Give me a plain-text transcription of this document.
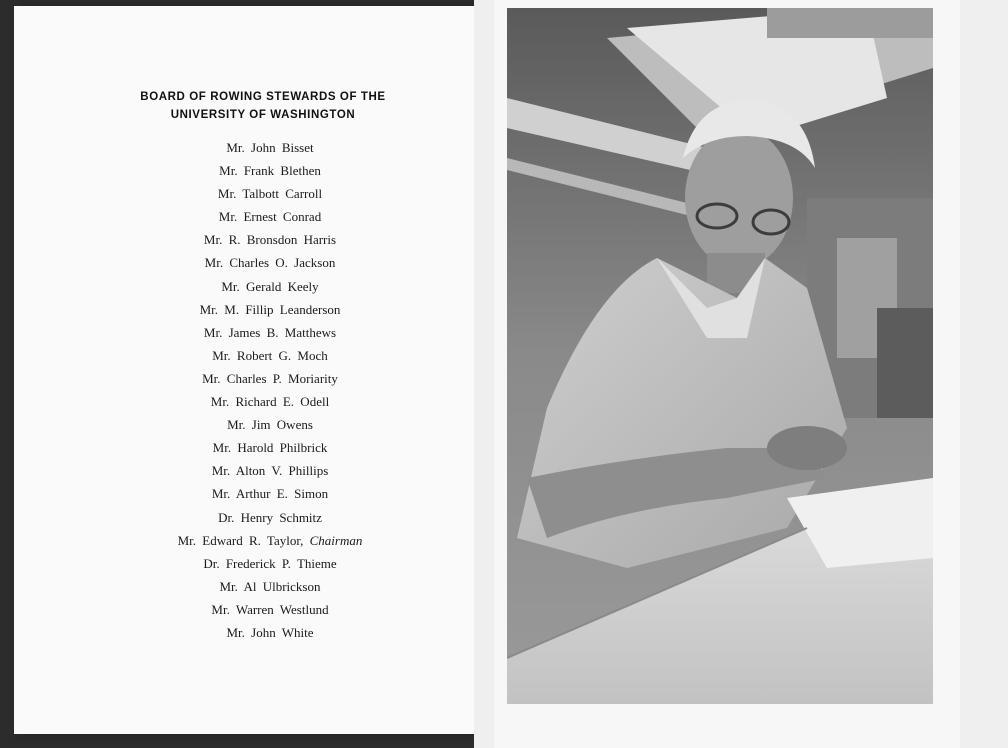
BOARD OF ROWING STEWARDS OF THE
UNIVERSITY OF WASHINGTON
Mr. John Bisset
Mr. Frank Blethen
Mr. Talbott Carroll
Mr. Ernest Conrad
Mr. R. Bronsdon Harris
Mr. Charles O. Jackson
Mr. Gerald Keely
Mr. M. Fillip Leanderson
Mr. James B. Matthews
Mr. Robert G. Moch
Mr. Charles P. Moriarity
Mr. Richard E. Odell
Mr. Jim Owens
Mr. Harold Philbrick
Mr. Alton V. Phillips
Mr. Arthur E. Simon
Dr. Henry Schmitz
Mr. Edward R. Taylor, Chairman
Dr. Frederick P. Thieme
Mr. Al Ulbrickson
Mr. Warren Westlund
Mr. John White
